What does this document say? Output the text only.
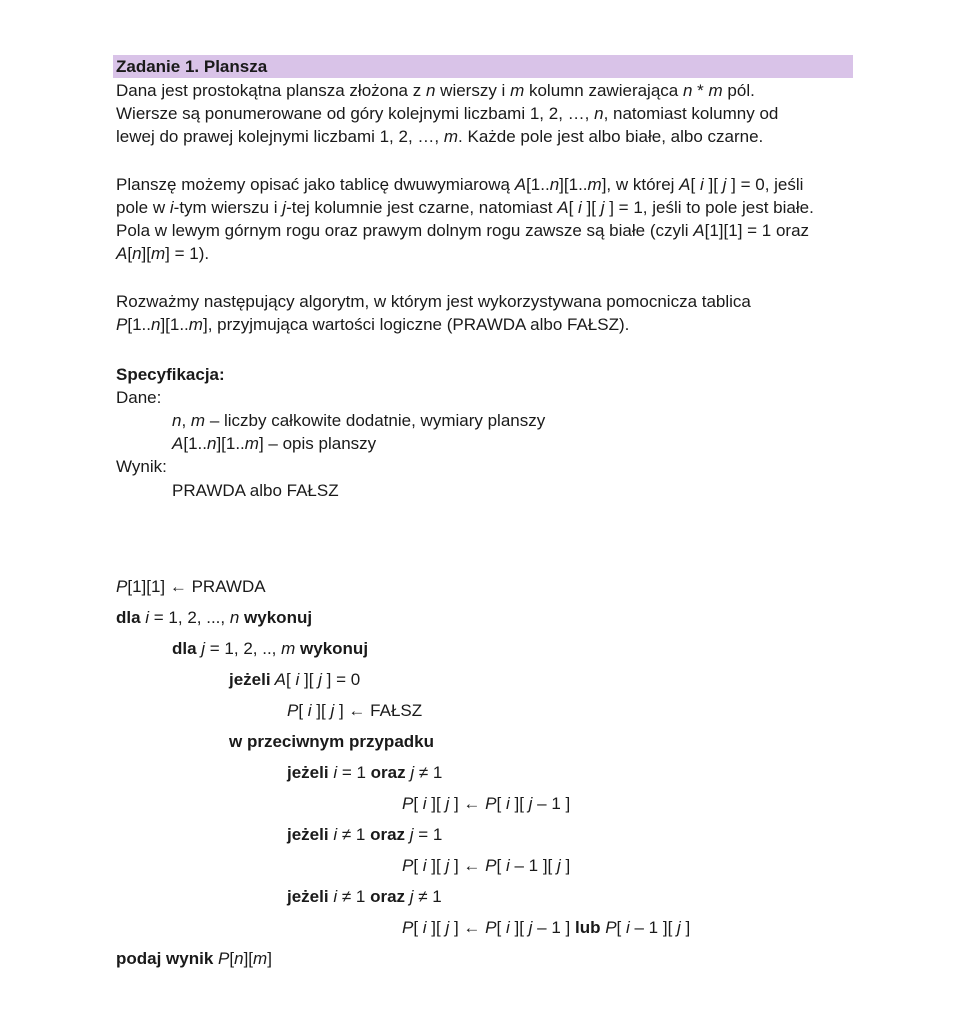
Zadanie 1. Plansza
Dana jest prostokątna plansza złożona z n wierszy i m kolumn zawierająca n * m pól.
Wiersze są ponumerowane od góry kolejnymi liczbami 1, 2, …, n, natomiast kolumny od
lewej do prawej kolejnymi liczbami 1, 2, …, m. Każde pole jest albo białe, albo czarne.
Planszę możemy opisać jako tablicę dwuwymiarową A[1..n][1..m], w której A[ i ][ j ] = 0, jeśli
pole w i-tym wierszu i j-tej kolumnie jest czarne, natomiast A[ i ][ j ] = 1, jeśli to pole jest białe.
Pola w lewym górnym rogu oraz prawym dolnym rogu zawsze są białe (czyli A[1][1] = 1 oraz
A[n][m] = 1).
Rozważmy następujący algorytm, w którym jest wykorzystywana pomocnicza tablica
P[1..n][1..m], przyjmująca wartości logiczne (PRAWDA albo FAŁSZ).
Specyfikacja:
Dane:
n, m – liczby całkowite dodatnie, wymiary planszy
A[1..n][1..m] – opis planszy
Wynik:
PRAWDA albo FAŁSZ
P[1][1] ← PRAWDA
dla i = 1, 2, ..., n wykonuj
dla j = 1, 2, .., m wykonuj
jeżeli A[ i ][ j ] = 0
P[ i ][ j ] ← FAŁSZ
w przeciwnym przypadku
jeżeli i = 1 oraz j ≠ 1
P[ i ][ j ] ← P[ i ][ j – 1 ]
jeżeli i ≠ 1 oraz j = 1
P[ i ][ j ] ← P[ i – 1 ][ j ]
jeżeli i ≠ 1 oraz j ≠ 1
P[ i ][ j ] ← P[ i ][ j – 1 ] lub P[ i – 1 ][ j ]
podaj wynik P[n][m]
